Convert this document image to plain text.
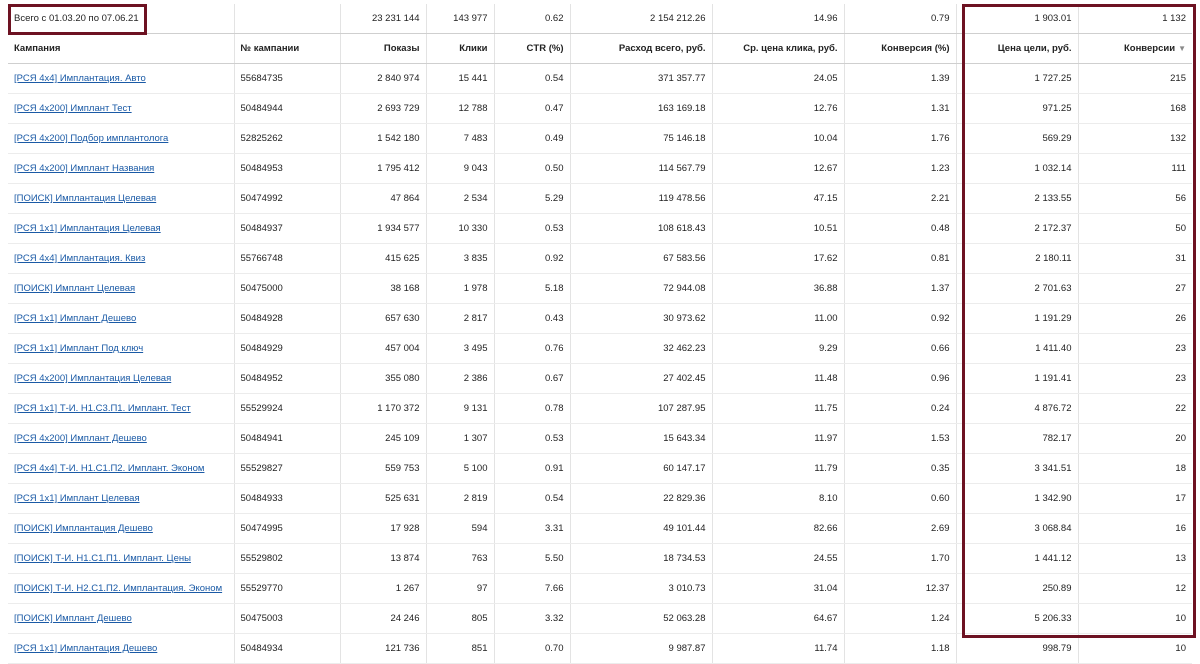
Всего с 01.03.20 по 07.06.21		23 231 144	143 977	0.62	2 154 212.26	14.96	0.79	1 903.01	1 132
Кампания	№ кампании	Показы	Клики	CTR (%)	Расход всего, руб.	Ср. цена клика, руб.	Конверсия (%)	Цена цели, руб.	Конверсии ▼
[РСЯ 4х4] Имплантация. Авто	55684735	2 840 974	15 441	0.54	371 357.77	24.05	1.39	1 727.25	215
[РСЯ 4х200] Имплант Тест	50484944	2 693 729	12 788	0.47	163 169.18	12.76	1.31	971.25	168
[РСЯ 4х200] Подбор имплантолога	52825262	1 542 180	7 483	0.49	75 146.18	10.04	1.76	569.29	132
[РСЯ 4х200] Имплант Названия	50484953	1 795 412	9 043	0.50	114 567.79	12.67	1.23	1 032.14	111
[ПОИСК] Имплантация Целевая	50474992	47 864	2 534	5.29	119 478.56	47.15	2.21	2 133.55	56
[РСЯ 1х1] Имплантация Целевая	50484937	1 934 577	10 330	0.53	108 618.43	10.51	0.48	2 172.37	50
[РСЯ 4х4] Имплантация. Квиз	55766748	415 625	3 835	0.92	67 583.56	17.62	0.81	2 180.11	31
[ПОИСК] Имплант Целевая	50475000	38 168	1 978	5.18	72 944.08	36.88	1.37	2 701.63	27
[РСЯ 1х1] Имплант Дешево	50484928	657 630	2 817	0.43	30 973.62	11.00	0.92	1 191.29	26
[РСЯ 1х1] Имплант Под ключ	50484929	457 004	3 495	0.76	32 462.23	9.29	0.66	1 411.40	23
[РСЯ 4х200] Имплантация Целевая	50484952	355 080	2 386	0.67	27 402.45	11.48	0.96	1 191.41	23
[РСЯ 1х1] Т-И. Н1.С3.П1. Имплант. Тест	55529924	1 170 372	9 131	0.78	107 287.95	11.75	0.24	4 876.72	22
[РСЯ 4х200] Имплант Дешево	50484941	245 109	1 307	0.53	15 643.34	11.97	1.53	782.17	20
[РСЯ 4х4] Т-И. Н1.С1.П2. Имплант. Эконом	55529827	559 753	5 100	0.91	60 147.17	11.79	0.35	3 341.51	18
[РСЯ 1х1] Имплант Целевая	50484933	525 631	2 819	0.54	22 829.36	8.10	0.60	1 342.90	17
[ПОИСК] Имплантация Дешево	50474995	17 928	594	3.31	49 101.44	82.66	2.69	3 068.84	16
[ПОИСК] Т-И. Н1.С1.П1. Имплант. Цены	55529802	13 874	763	5.50	18 734.53	24.55	1.70	1 441.12	13
[ПОИСК] Т-И. Н2.С1.П2. Имплантация. Эконом	55529770	1 267	97	7.66	3 010.73	31.04	12.37	250.89	12
[ПОИСК] Имплант Дешево	50475003	24 246	805	3.32	52 063.28	64.67	1.24	5 206.33	10
[РСЯ 1х1] Имплантация Дешево	50484934	121 736	851	0.70	9 987.87	11.74	1.18	998.79	10
